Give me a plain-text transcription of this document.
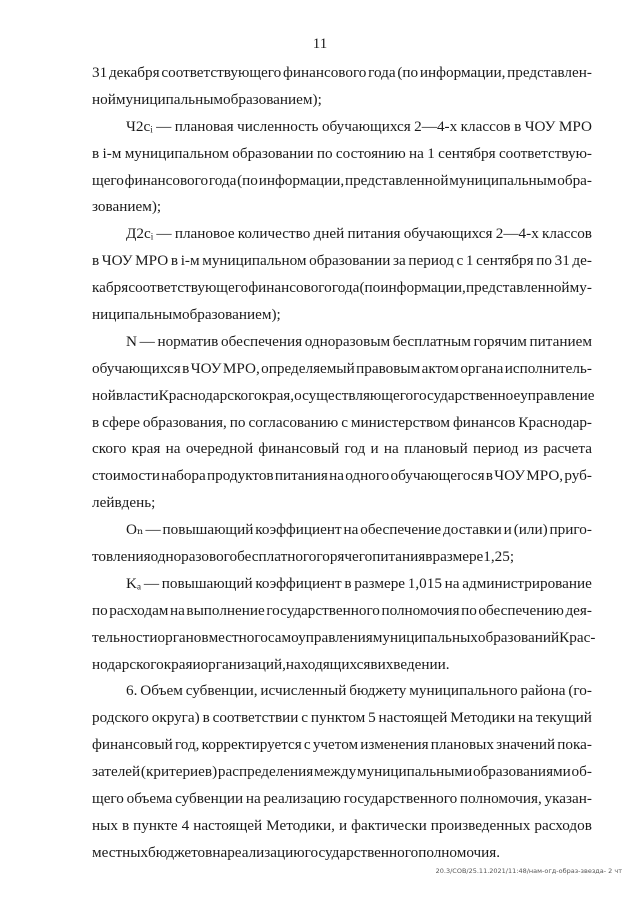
11
31 декабря соответствующего финансового года (по информации, представлен-
ной муниципальным образованием);
Ч2сᵢ — плановая численность обучающихся 2—4-х классов в ЧОУ МРО
в i-м муниципальном образовании по состоянию на 1 сентября соответствую-
щего финансового года (по информации, представленной муниципальным обра-
зованием);
Д2сᵢ — плановое количество дней питания обучающихся 2—4-х классов
в ЧОУ МРО в i-м муниципальном образовании за период с 1 сентября по 31 де-
кабря соответствующего финансового года (по информации, представленной му-
ниципальным образованием);
N — норматив обеспечения одноразовым бесплатным горячим питанием
обучающихся в ЧОУ МРО, определяемый правовым актом органа исполнитель-
ной власти Краснодарского края, осуществляющего государственное управление
в сфере образования, по согласованию с министерством финансов Краснодар-
ского края на очередной финансовый год и на плановый период из расчета
стоимости набора продуктов питания на одного обучающегося в ЧОУ МРО, руб-
лей в день;
Oₙ — повышающий коэффициент на обеспечение доставки и (или) приго-
товления одноразового бесплатного горячего питания в размере 1,25;
Kₐ — повышающий коэффициент в размере 1,015 на администрирование
по расходам на выполнение государственного полномочия по обеспечению дея-
тельности органов местного самоуправления муниципальных образований Крас-
нодарского края и организаций, находящихся в их ведении.
6. Объем субвенции, исчисленный бюджету муниципального района (го-
родского округа) в соответствии с пунктом 5 настоящей Методики на текущий
финансовый год, корректируется с учетом изменения плановых значений пока-
зателей (критериев) распределения между муниципальными образованиями об-
щего объема субвенции на реализацию государственного полномочия, указан-
ных в пункте 4 настоящей Методики, и фактически произведенных расходов
местных бюджетов на реализацию государственного полномочия.
20.3/СОВ/25.11.2021/11:48/нам-огд-образ-звезда- 2 чт
